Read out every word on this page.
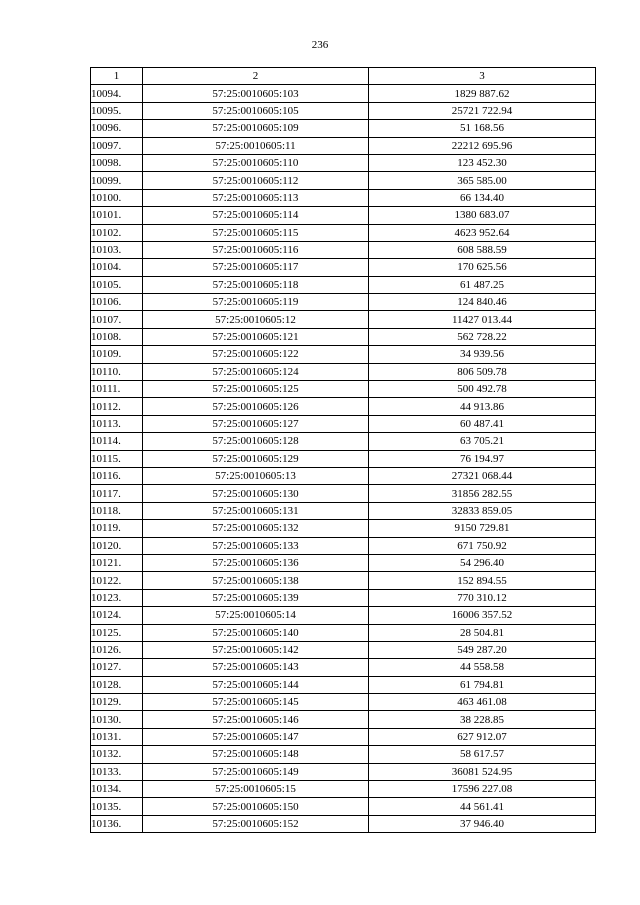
236
1	2	3
10094.	57:25:0010605:103	1829 887.62
10095.	57:25:0010605:105	25721 722.94
10096.	57:25:0010605:109	51 168.56
10097.	57:25:0010605:11	22212 695.96
10098.	57:25:0010605:110	123 452.30
10099.	57:25:0010605:112	365 585.00
10100.	57:25:0010605:113	66 134.40
10101.	57:25:0010605:114	1380 683.07
10102.	57:25:0010605:115	4623 952.64
10103.	57:25:0010605:116	608 588.59
10104.	57:25:0010605:117	170 625.56
10105.	57:25:0010605:118	61 487.25
10106.	57:25:0010605:119	124 840.46
10107.	57:25:0010605:12	11427 013.44
10108.	57:25:0010605:121	562 728.22
10109.	57:25:0010605:122	34 939.56
10110.	57:25:0010605:124	806 509.78
10111.	57:25:0010605:125	500 492.78
10112.	57:25:0010605:126	44 913.86
10113.	57:25:0010605:127	60 487.41
10114.	57:25:0010605:128	63 705.21
10115.	57:25:0010605:129	76 194.97
10116.	57:25:0010605:13	27321 068.44
10117.	57:25:0010605:130	31856 282.55
10118.	57:25:0010605:131	32833 859.05
10119.	57:25:0010605:132	9150 729.81
10120.	57:25:0010605:133	671 750.92
10121.	57:25:0010605:136	54 296.40
10122.	57:25:0010605:138	152 894.55
10123.	57:25:0010605:139	770 310.12
10124.	57:25:0010605:14	16006 357.52
10125.	57:25:0010605:140	28 504.81
10126.	57:25:0010605:142	549 287.20
10127.	57:25:0010605:143	44 558.58
10128.	57:25:0010605:144	61 794.81
10129.	57:25:0010605:145	463 461.08
10130.	57:25:0010605:146	38 228.85
10131.	57:25:0010605:147	627 912.07
10132.	57:25:0010605:148	58 617.57
10133.	57:25:0010605:149	36081 524.95
10134.	57:25:0010605:15	17596 227.08
10135.	57:25:0010605:150	44 561.41
10136.	57:25:0010605:152	37 946.40
